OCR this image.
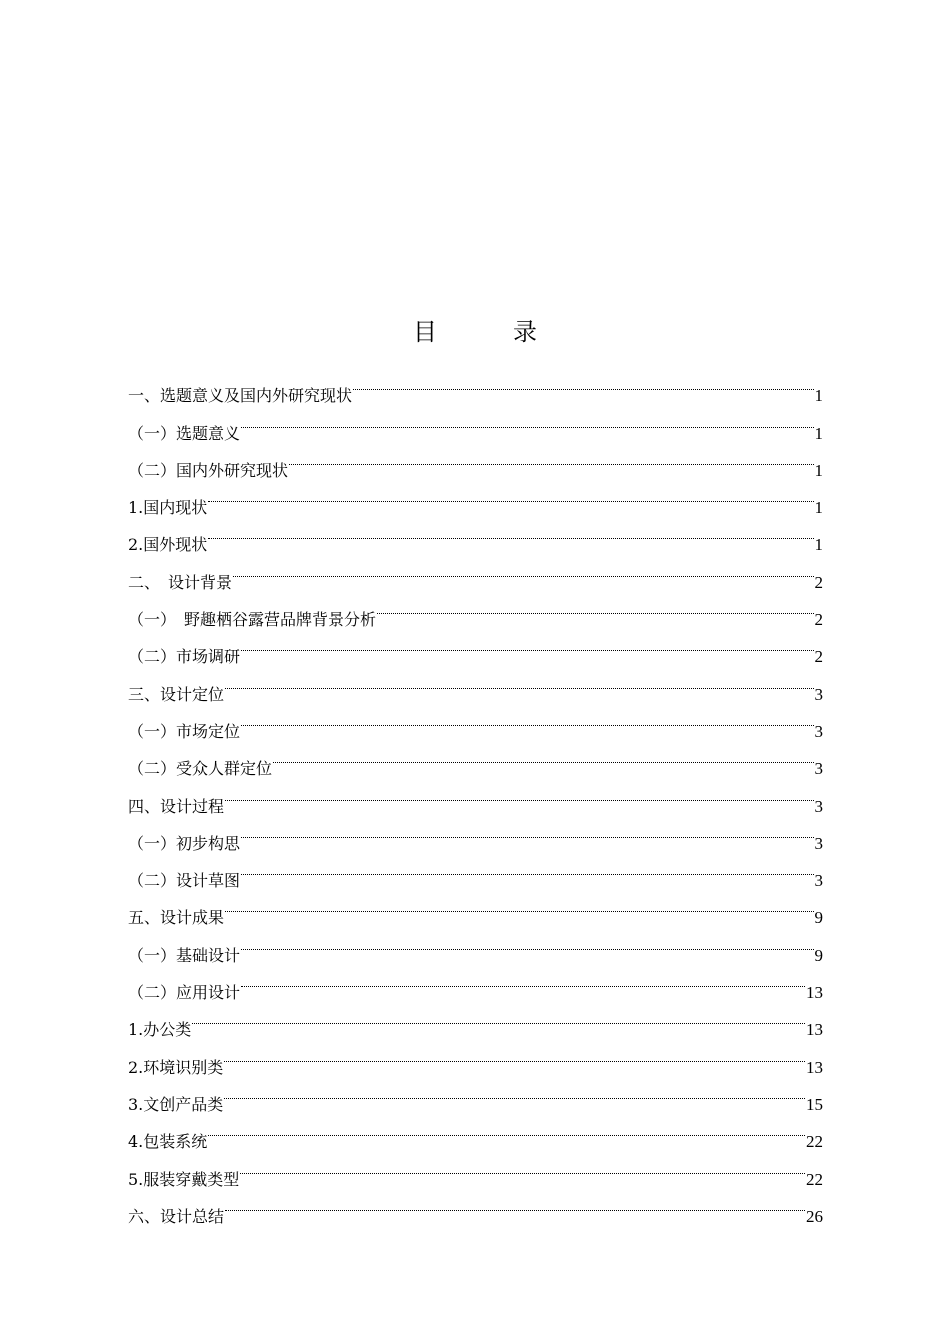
目　录
一、选题意义及国内外研究现状	1
（一）选题意义	1
（二）国内外研究现状	1
1.国内现状	1
2.国外现状	1
二、　设计背景	2
（一）　野趣栖谷露营品牌背景分析	2
（二）市场调研	2
三、设计定位	3
（一）市场定位	3
（二）受众人群定位	3
四、设计过程	3
（一）初步构思	3
（二）设计草图	3
五、设计成果	9
（一）基础设计	9
（二）应用设计	13
1.办公类	13
2.环境识别类	13
3.文创产品类	15
4.包装系统	22
5.服装穿戴类型	22
六、设计总结	26
